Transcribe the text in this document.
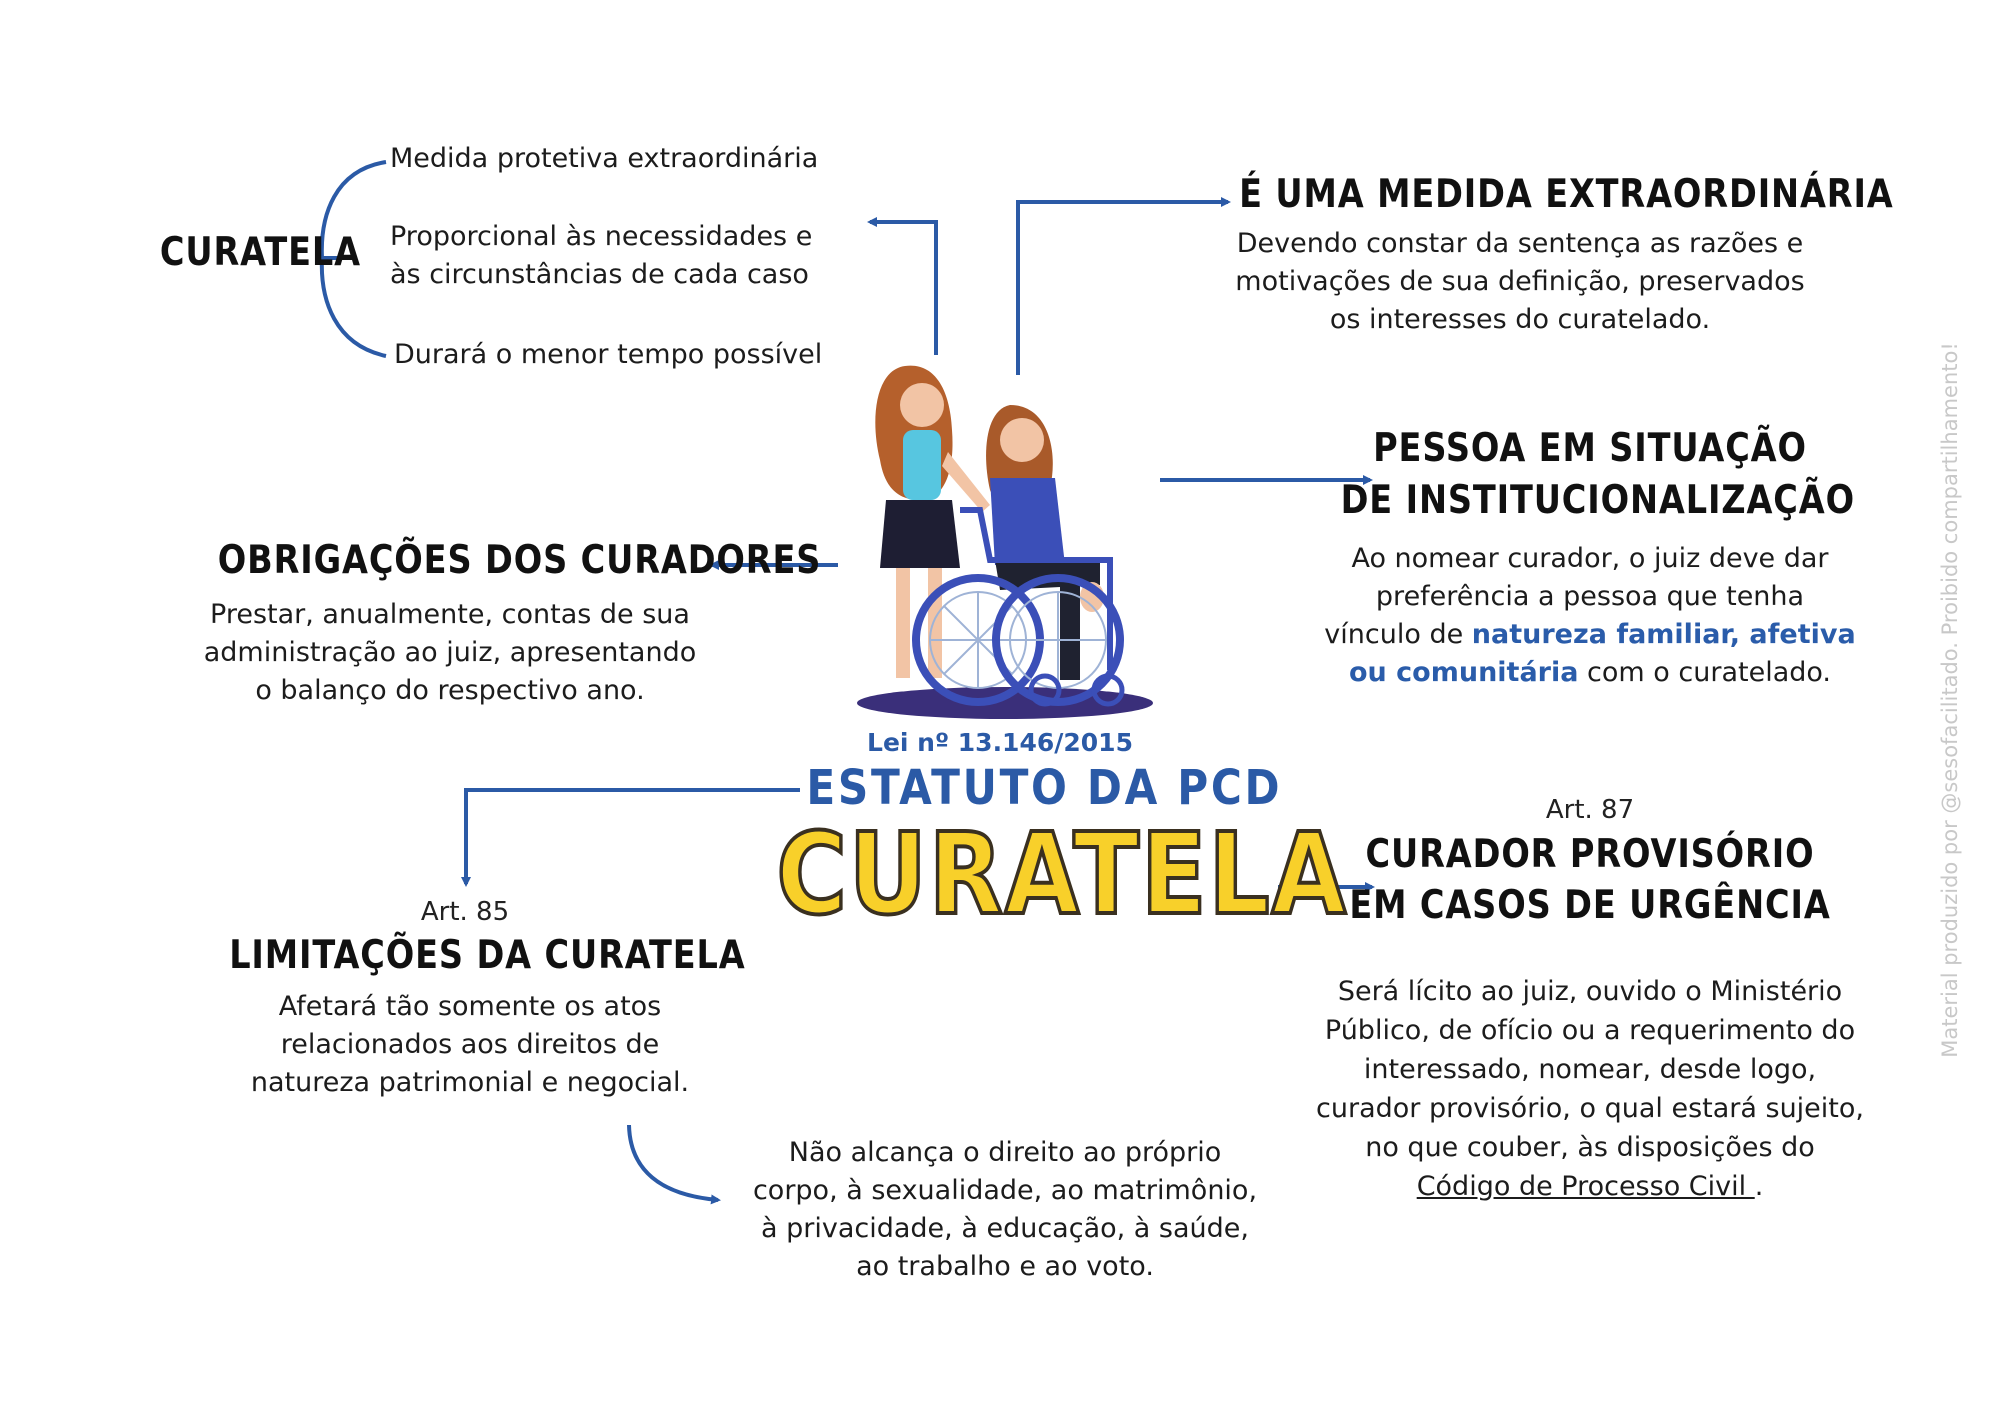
CURATELA
Medida protetiva extraordinária
Proporcional às necessidades e às circunstâncias de cada caso
Durará o menor tempo possível
É UMA MEDIDA EXTRAORDINÁRIA
Devendo constar da sentença as razões e
motivações de sua definição, preservados
os interesses do curatelado.
PESSOA EM SITUAÇÃO
DE INSTITUCIONALIZAÇÃO
Ao nomear curador, o juiz deve dar
preferência a pessoa que tenha
vínculo de natureza familiar, afetiva
ou comunitária com o curatelado.
OBRIGAÇÕES DOS CURADORES
Prestar, anualmente, contas de sua
administração ao juiz, apresentando
o balanço do respectivo ano.
Lei nº 13.146/2015
ESTATUTO DA PCD
CURATELA
Art. 85
LIMITAÇÕES DA CURATELA
Afetará tão somente os atos
relacionados aos direitos de
natureza patrimonial e negocial.
Não alcança o direito ao próprio
corpo, à sexualidade, ao matrimônio,
à privacidade, à educação, à saúde,
ao trabalho e ao voto.
Art. 87
CURADOR PROVISÓRIO
EM CASOS DE URGÊNCIA
Será lícito ao juiz, ouvido o Ministério
Público, de ofício ou a requerimento do
interessado, nomear, desde logo,
curador provisório, o qual estará sujeito,
no que couber, às disposições do
Código de Processo Civil .
Material produzido por @sesofacilitado. Proibido compartilhamento!
